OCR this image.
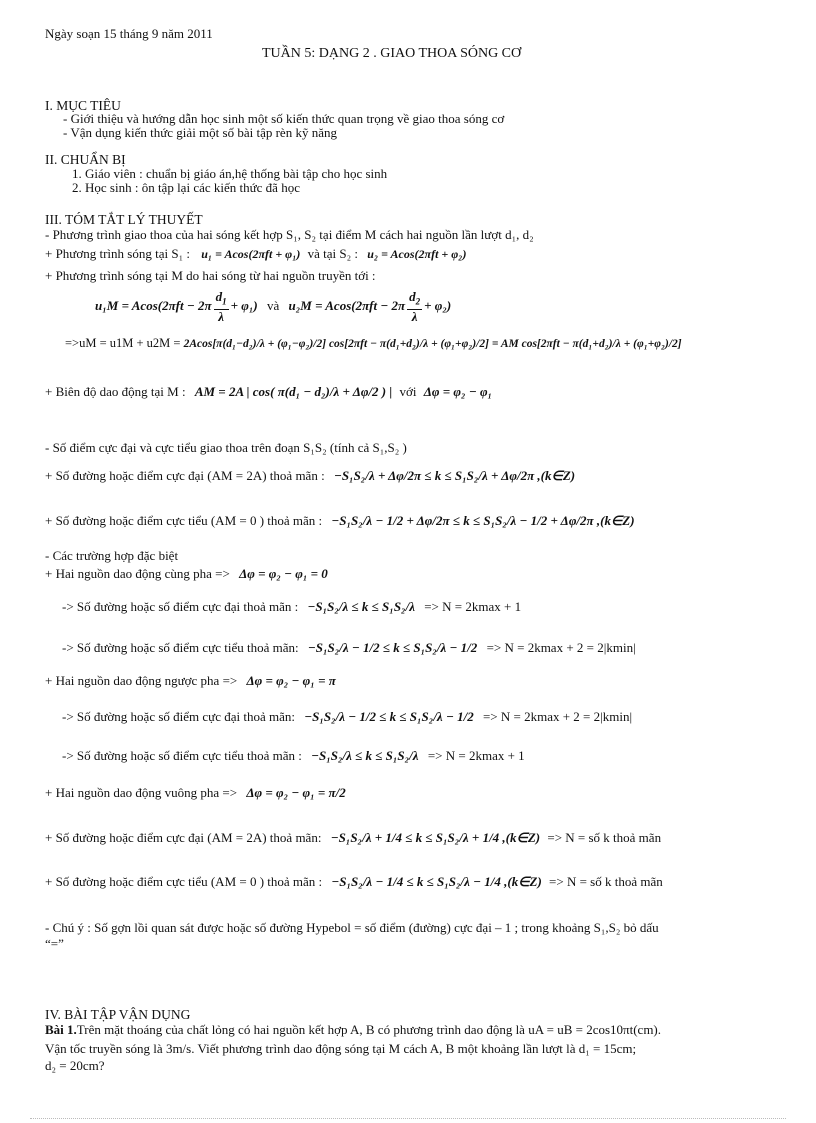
Ngày soạn 15 tháng 9 năm 2011
TUẦN 5: DẠNG 2 . GIAO THOA SÓNG CƠ
I. MỤC TIÊU
- Giới thiệu và hướng dẫn học sinh một số kiến thức quan trọng về giao thoa sóng cơ
- Vận dụng kiến thức giải một số bài tập rèn kỹ năng
II. CHUẨN BỊ
1. Giáo viên : chuẩn bị giáo án,hệ thống bài tập cho học sinh
2. Học sinh : ôn tập lại các kiến thức đã học
III. TÓM TẮT LÝ THUYẾT
- Phương trình giao thoa của hai sóng kết hợp S₁, S₂ tại điểm M cách hai nguồn lần lượt d₁, d₂
+ Phương trình sóng tại S₁ : u₁ = Acos(2πft + φ₁) và tại S₂ : u₂ = Acos(2πft + φ₂)
+ Phương trình sóng tại M do hai sóng từ hai nguồn truyền tới :
$u_1M = Acos(2\pi ft - 2\pi \frac{d_1}{\lambda} + \varphi_1)$ và $u_2M = Acos(2\pi ft - 2\pi \frac{d_2}{\lambda} + \varphi_2)$
=>uM = u1M + u2M = 2Acos[π(d₁−d₂)/λ + (φ₁−φ₂)/2] cos[2πft − π(d₁+d₂)/λ + (φ₁+φ₂)/2] = AM cos[2πft − π(d₁+d₂)/λ + (φ₁+φ₂)/2]
+ Biên độ dao động tại M : AM = 2A | cos( π(d₁ − d₂)/λ + Δφ/2 ) | với Δφ = φ₂ − φ₁
- Số điểm cực đại và cực tiểu giao thoa trên đoạn S₁S₂ (tính cả S₁,S₂ )
+ Số đường hoặc điểm cực đại (AM = 2A) thoả mãn : −S₁S₂/λ + Δφ/2π ≤ k ≤ S₁S₂/λ + Δφ/2π ,(k∈Z)
+ Số đường hoặc điểm cực tiểu (AM = 0 ) thoả mãn : −S₁S₂/λ − 1/2 + Δφ/2π ≤ k ≤ S₁S₂/λ − 1/2 + Δφ/2π ,(k∈Z)
- Các trường hợp đặc biệt
+ Hai nguồn dao động cùng pha => Δφ = φ₂ − φ₁ = 0
-> Số đường hoặc số điểm cực đại thoả mãn : −S₁S₂/λ ≤ k ≤ S₁S₂/λ => N = 2kmax + 1
-> Số đường hoặc số điểm cực tiểu thoả mãn: −S₁S₂/λ − 1/2 ≤ k ≤ S₁S₂/λ − 1/2 => N = 2kmax + 2 = 2|kmin|
+ Hai nguồn dao động ngược pha => Δφ = φ₂ − φ₁ = π
-> Số đường hoặc số điểm cực đại thoả mãn: −S₁S₂/λ − 1/2 ≤ k ≤ S₁S₂/λ − 1/2 => N = 2kmax + 2 = 2|kmin|
-> Số đường hoặc số điểm cực tiểu thoả mãn : −S₁S₂/λ ≤ k ≤ S₁S₂/λ => N = 2kmax + 1
+ Hai nguồn dao động vuông pha => Δφ = φ₂ − φ₁ = π/2
+ Số đường hoặc điểm cực đại (AM = 2A) thoả mãn: −S₁S₂/λ + 1/4 ≤ k ≤ S₁S₂/λ + 1/4 ,(k∈Z) => N = số k thoả mãn
+ Số đường hoặc điểm cực tiểu (AM = 0 ) thoả mãn : −S₁S₂/λ − 1/4 ≤ k ≤ S₁S₂/λ − 1/4 ,(k∈Z) => N = số k thoả mãn
- Chú ý : Số gợn lồi quan sát được hoặc số đường Hypebol = số điểm (đường) cực đại – 1 ; trong khoảng S₁,S₂ bỏ dấu
“=”
IV. BÀI TẬP VẬN DỤNG
Bài 1.Trên mặt thoáng của chất lỏng có hai nguồn kết hợp A, B có phương trình dao động là uA = uB = 2cos10πt(cm).
Vận tốc truyền sóng là 3m/s. Viết phương trình dao động sóng tại M cách A, B một khoảng lần lượt là d₁ = 15cm;
d₂ = 20cm?
